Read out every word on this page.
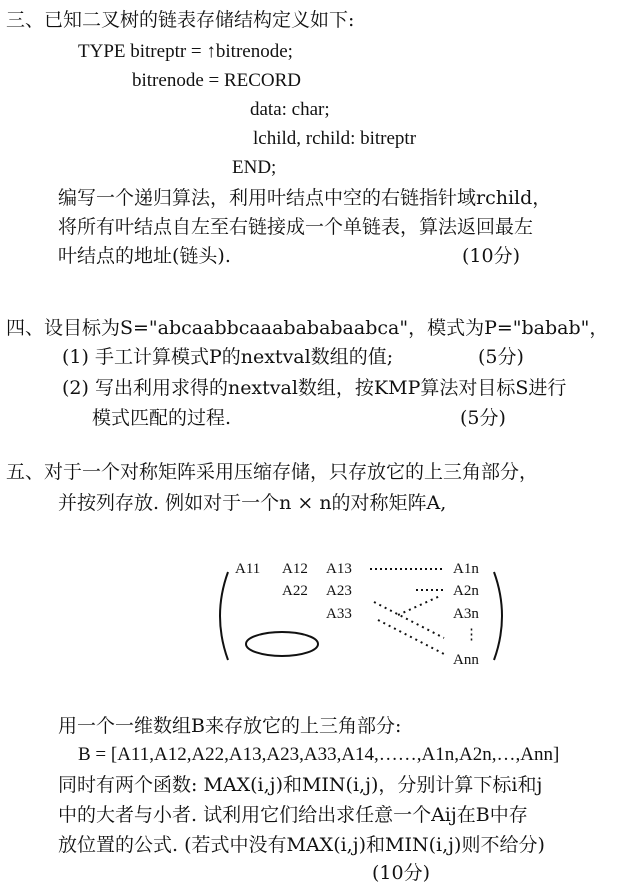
三、已知二叉树的链表存储结构定义如下:
TYPE bitreptr = ↑bitrenode;
bitrenode = RECORD
data: char;
lchild, rchild: bitreptr
END;
编写一个递归算法，利用叶结点中空的右链指针域rchild，
将所有叶结点自左至右链接成一个单链表，算法返回最左
叶结点的地址(链头).	(10分)
四、设目标为S="abcaabbcaaabababaabca"，模式为P="babab"，
(1) 手工计算模式P的nextval数组的值;	(5分)
(2) 写出利用求得的nextval数组，按KMP算法对目标S进行
模式匹配的过程.	(5分)
五、对于一个对称矩阵采用压缩存储，只存放它的上三角部分，
并按列存放. 例如对于一个n × n的对称矩阵A,
A11 A12 A13	A1n
A22 A23	A2n
A33	A3n
⋮
Ann
用一个一维数组B来存放它的上三角部分:
B = [A11,A12,A22,A13,A23,A33,A14,……,A1n,A2n,…,Ann]
同时有两个函数: MAX(i,j)和MIN(i,j)，分别计算下标i和j
中的大者与小者. 试利用它们给出求任意一个Aij在B中存
放位置的公式. (若式中没有MAX(i,j)和MIN(i,j)则不给分)
(10分)
